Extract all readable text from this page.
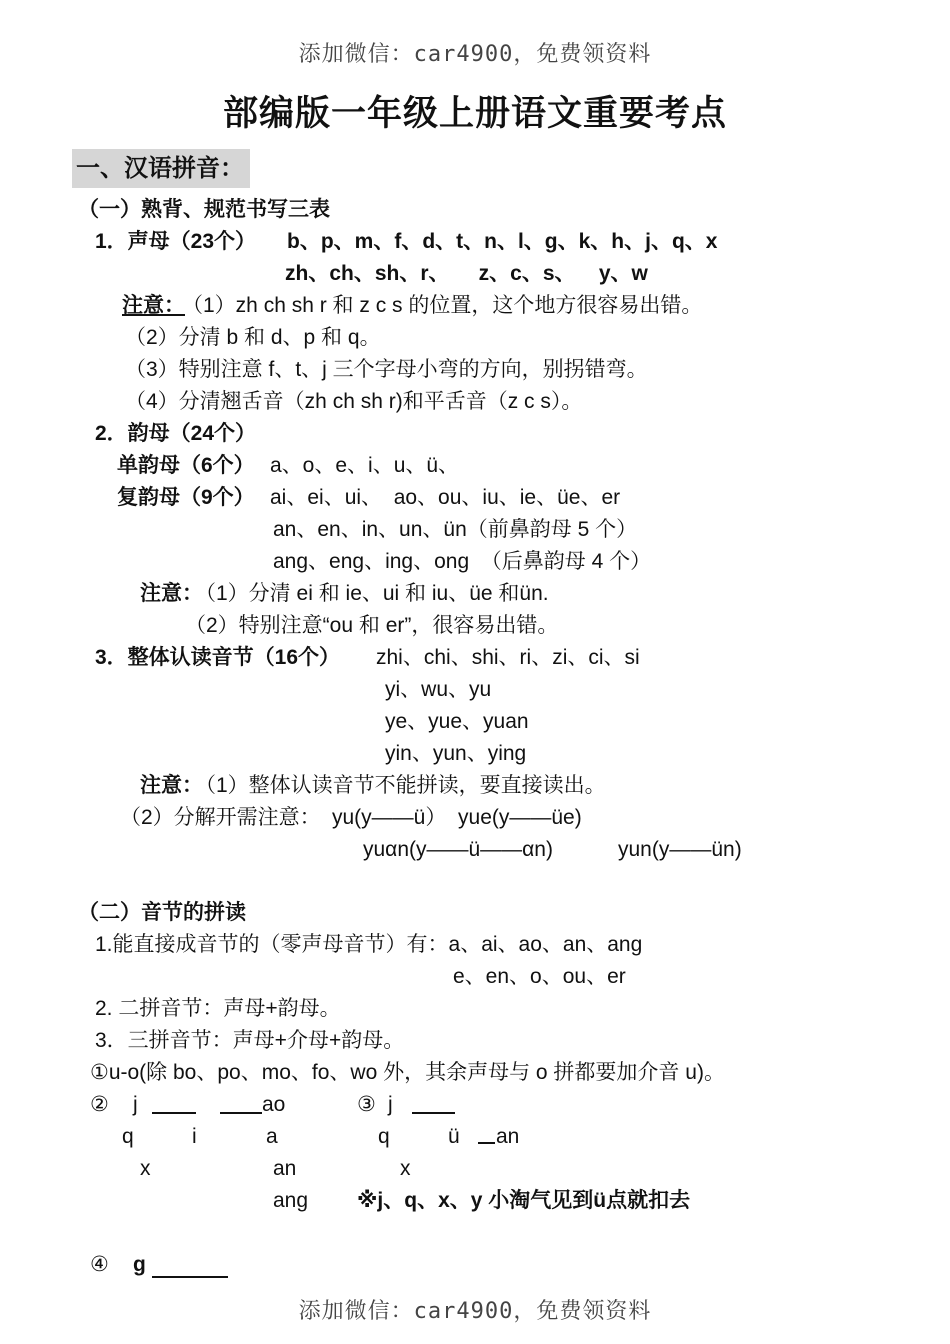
添加微信：car4900，免费领资料
部编版一年级上册语文重要考点
一、汉语拼音：
（一）熟背、规范书写三表
1．声母（23个） b、p、m、f、d、t、n、l、g、k、h、j、q、x
zh、ch、sh、r、     z、c、s、    y、w
注意：
（1）zh ch sh r 和 z c s 的位置，这个地方很容易出错。
（2）分清 b 和 d、p 和 q。
（3）特别注意 f、t、j 三个字母小弯的方向，别拐错弯。
（4）分清翘舌音（zh ch sh r)和平舌音（z c s）。
2．韵母（24个）
单韵母（6个） a、o、e、i、u、ü、
复韵母（9个） ai、ei、ui、  ao、ou、iu、ie、üe、er
an、en、in、un、ün（前鼻韵母 5 个）
ang、eng、ing、ong  （后鼻韵母 4 个）
注意：
（1）分清 ei 和 ie、ui 和 iu、üe 和ün.
（2）特别注意“ou 和 er”，很容易出错。
3．整体认读音节（16个） zhi、chi、shi、ri、zi、ci、si
yi、wu、yu
ye、yue、yuan
yin、yun、ying
注意：
（1）整体认读音节不能拼读，要直接读出。
（2）分解开需注意： yu(y——ü）  yue(y——üe)
yuαn(y——ü——αn)	yun(y——ün)
（二）音节的拼读
1.能直接成音节的（零声母音节）有：a、ai、ao、an、ang
e、en、o、ou、er
2. 二拼音节：声母+韵母。
3．三拼音节：声母+介母+韵母。
①u-o(除 bo、po、mo、fo、wo 外，其余声母与 o 拼都要加介音 u)。
② j	ao
q	i	a
x	an
ang
③ j
q	ü an
x
※j、q、x、y 小淘气见到ü点就扣去
④ g
添加微信：car4900，免费领资料
